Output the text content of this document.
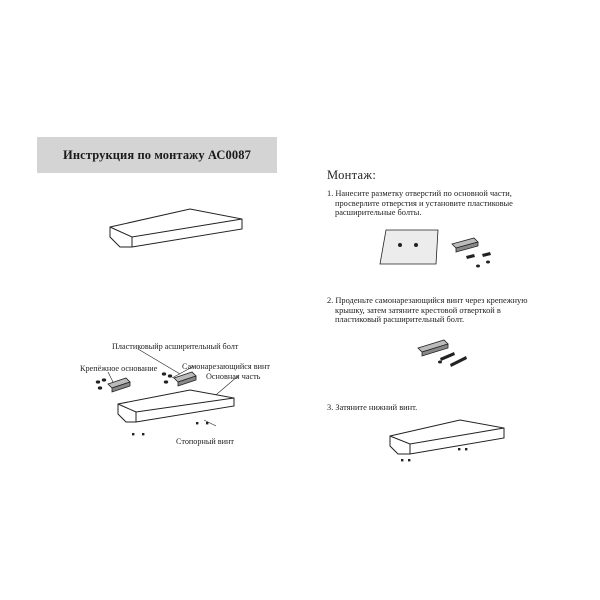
Инструкция по монтажу АС0087
Пластиковыйр асширительный болт
Крепёжное основание	Самонарезающийся винт
Основная часть
Стопорный винт
Монтаж:
1. Нанесите разметку отверстий по основной части,
просверлите отверстия и установите пластиковые
расширительные болты.
2. Проденьте самонарезающийся винт через крепежную
крышку, затем затяните крестовой отверткой в
пластиковый расширительный болт.
3. Затяните нижний винт.
